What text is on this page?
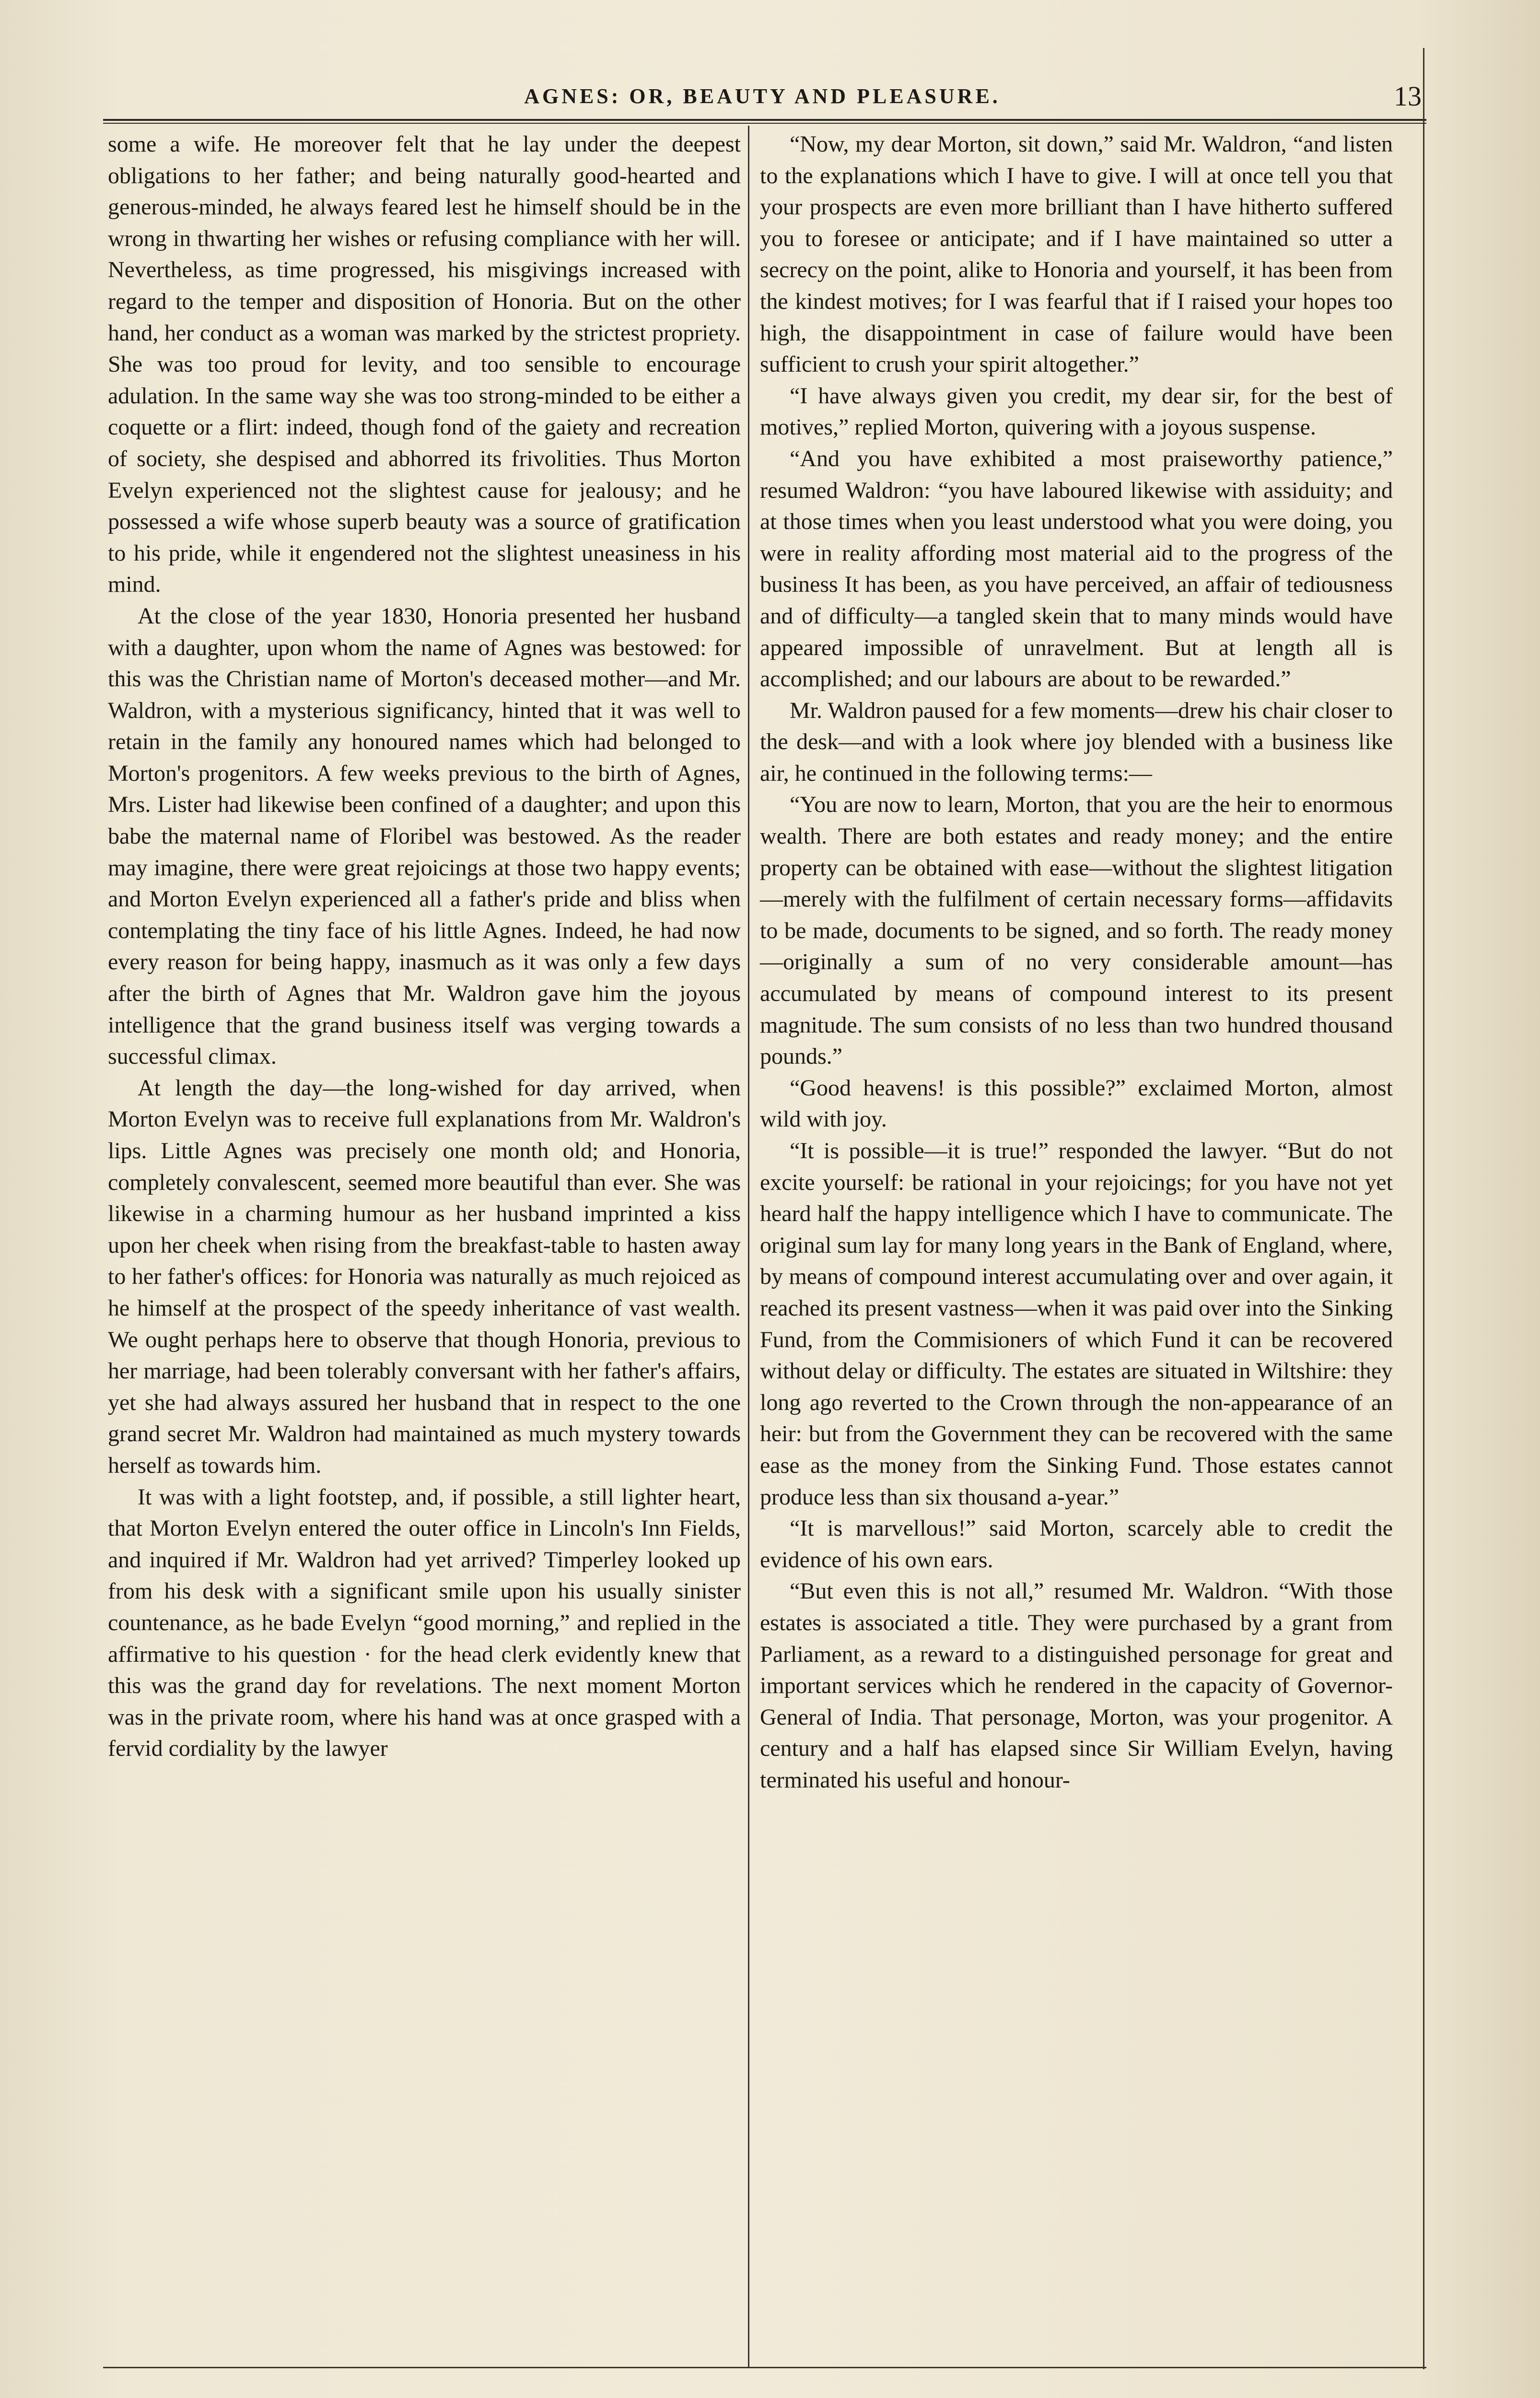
AGNES: OR, BEAUTY AND PLEASURE.	13

some a wife. He moreover felt that he lay under the deepest obligations to her father; and being naturally good-hearted and generous-minded, he always feared lest he himself should be in the wrong in thwarting her wishes or refusing compliance with her will. Nevertheless, as time progressed, his misgivings increased with regard to the temper and disposition of Honoria. But on the other hand, her conduct as a woman was marked by the strictest propriety. She was too proud for levity, and too sensible to encourage adulation. In the same way she was too strong-minded to be either a coquette or a flirt: indeed, though fond of the gaiety and recreation of society, she despised and abhorred its frivolities. Thus Morton Evelyn experienced not the slightest cause for jealousy; and he possessed a wife whose superb beauty was a source of gratification to his pride, while it engendered not the slightest uneasiness in his mind.

At the close of the year 1830, Honoria presented her husband with a daughter, upon whom the name of Agnes was bestowed: for this was the Christian name of Morton's deceased mother—and Mr. Waldron, with a mysterious significancy, hinted that it was well to retain in the family any honoured names which had belonged to Morton's progenitors. A few weeks previous to the birth of Agnes, Mrs. Lister had likewise been confined of a daughter; and upon this babe the maternal name of Floribel was bestowed. As the reader may imagine, there were great rejoicings at those two happy events; and Morton Evelyn experienced all a father's pride and bliss when contemplating the tiny face of his little Agnes. Indeed, he had now every reason for being happy, inasmuch as it was only a few days after the birth of Agnes that Mr. Waldron gave him the joyous intelligence that the grand business itself was verging towards a successful climax.

At length the day—the long-wished for day arrived, when Morton Evelyn was to receive full explanations from Mr. Waldron's lips. Little Agnes was precisely one month old; and Honoria, completely convalescent, seemed more beautiful than ever. She was likewise in a charming humour as her husband imprinted a kiss upon her cheek when rising from the breakfast-table to hasten away to her father's offices: for Honoria was naturally as much rejoiced as he himself at the prospect of the speedy inheritance of vast wealth. We ought perhaps here to observe that though Honoria, previous to her marriage, had been tolerably conversant with her father's affairs, yet she had always assured her husband that in respect to the one grand secret Mr. Waldron had maintained as much mystery towards herself as towards him.

It was with a light footstep, and, if possible, a still lighter heart, that Morton Evelyn entered the outer office in Lincoln's Inn Fields, and inquired if Mr. Waldron had yet arrived? Timperley looked up from his desk with a significant smile upon his usually sinister countenance, as he bade Evelyn “good morning,” and replied in the affirmative to his question · for the head clerk evidently knew that this was the grand day for revelations. The next moment Morton was in the private room, where his hand was at once grasped with a fervid cordiality by the lawyer

“Now, my dear Morton, sit down,” said Mr. Waldron, “and listen to the explanations which I have to give. I will at once tell you that your prospects are even more brilliant than I have hitherto suffered you to foresee or anticipate; and if I have maintained so utter a secrecy on the point, alike to Honoria and yourself, it has been from the kindest motives; for I was fearful that if I raised your hopes too high, the disappointment in case of failure would have been sufficient to crush your spirit altogether.”

“I have always given you credit, my dear sir, for the best of motives,” replied Morton, quivering with a joyous suspense.

“And you have exhibited a most praiseworthy patience,” resumed Waldron: “you have laboured likewise with assiduity; and at those times when you least understood what you were doing, you were in reality affording most material aid to the progress of the business It has been, as you have perceived, an affair of tediousness and of difficulty—a tangled skein that to many minds would have appeared impossible of unravelment. But at length all is accomplished; and our labours are about to be rewarded.”

Mr. Waldron paused for a few moments—drew his chair closer to the desk—and with a look where joy blended with a business like air, he continued in the following terms:—

“You are now to learn, Morton, that you are the heir to enormous wealth. There are both estates and ready money; and the entire property can be obtained with ease—without the slightest litigation—merely with the fulfilment of certain necessary forms—affidavits to be made, documents to be signed, and so forth. The ready money—originally a sum of no very considerable amount—has accumulated by means of compound interest to its present magnitude. The sum consists of no less than two hundred thousand pounds.”

“Good heavens! is this possible?” exclaimed Morton, almost wild with joy.

“It is possible—it is true!” responded the lawyer. “But do not excite yourself: be rational in your rejoicings; for you have not yet heard half the happy intelligence which I have to communicate. The original sum lay for many long years in the Bank of England, where, by means of compound interest accumulating over and over again, it reached its present vastness—when it was paid over into the Sinking Fund, from the Commisioners of which Fund it can be recovered without delay or difficulty. The estates are situated in Wiltshire: they long ago reverted to the Crown through the non-appearance of an heir: but from the Government they can be recovered with the same ease as the money from the Sinking Fund. Those estates cannot produce less than six thousand a-year.”

“It is marvellous!” said Morton, scarcely able to credit the evidence of his own ears.

“But even this is not all,” resumed Mr. Waldron. “With those estates is associated a title. They were purchased by a grant from Parliament, as a reward to a distinguished personage for great and important services which he rendered in the capacity of Governor-General of India. That personage, Morton, was your progenitor. A century and a half has elapsed since Sir William Evelyn, having terminated his useful and honour-
